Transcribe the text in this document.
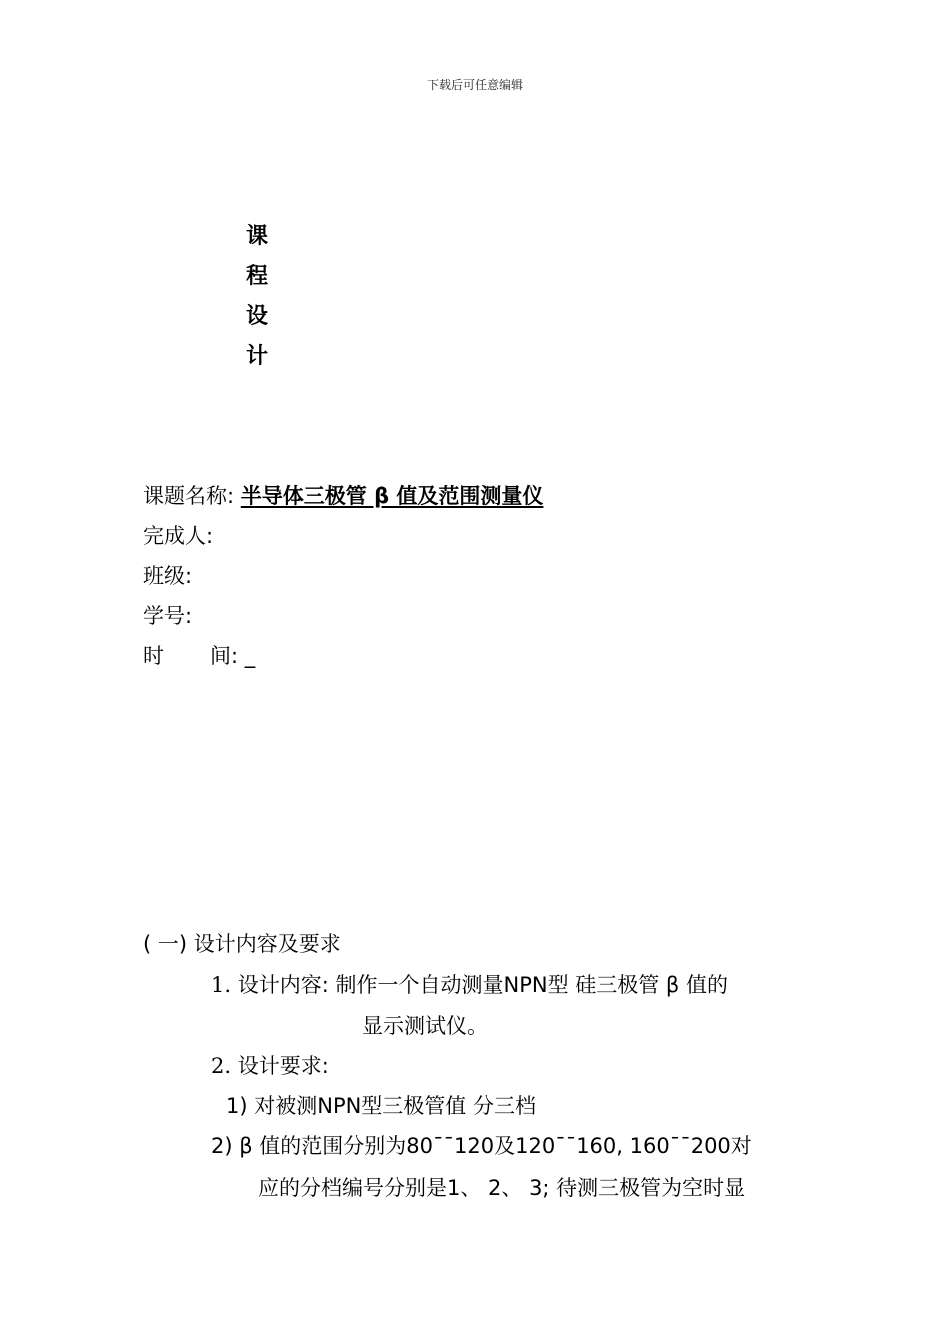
下载后可任意编辑
课
程
设
计
课题名称: 半导体三极管 β 值及范围测量仪
完成人:
班级:
学号:
时 间: _
( 一) 设计内容及要求
1. 设计内容: 制作一个自动测量NPN型 硅三极管 β 值的
显示测试仪。
2. 设计要求:
1) 对被测NPN型三极管值 分三档
2) β 值的范围分别为80¯¯120及120¯¯160, 160¯¯200对
应的分档编号分别是1、 2、 3; 待测三极管为空时显
